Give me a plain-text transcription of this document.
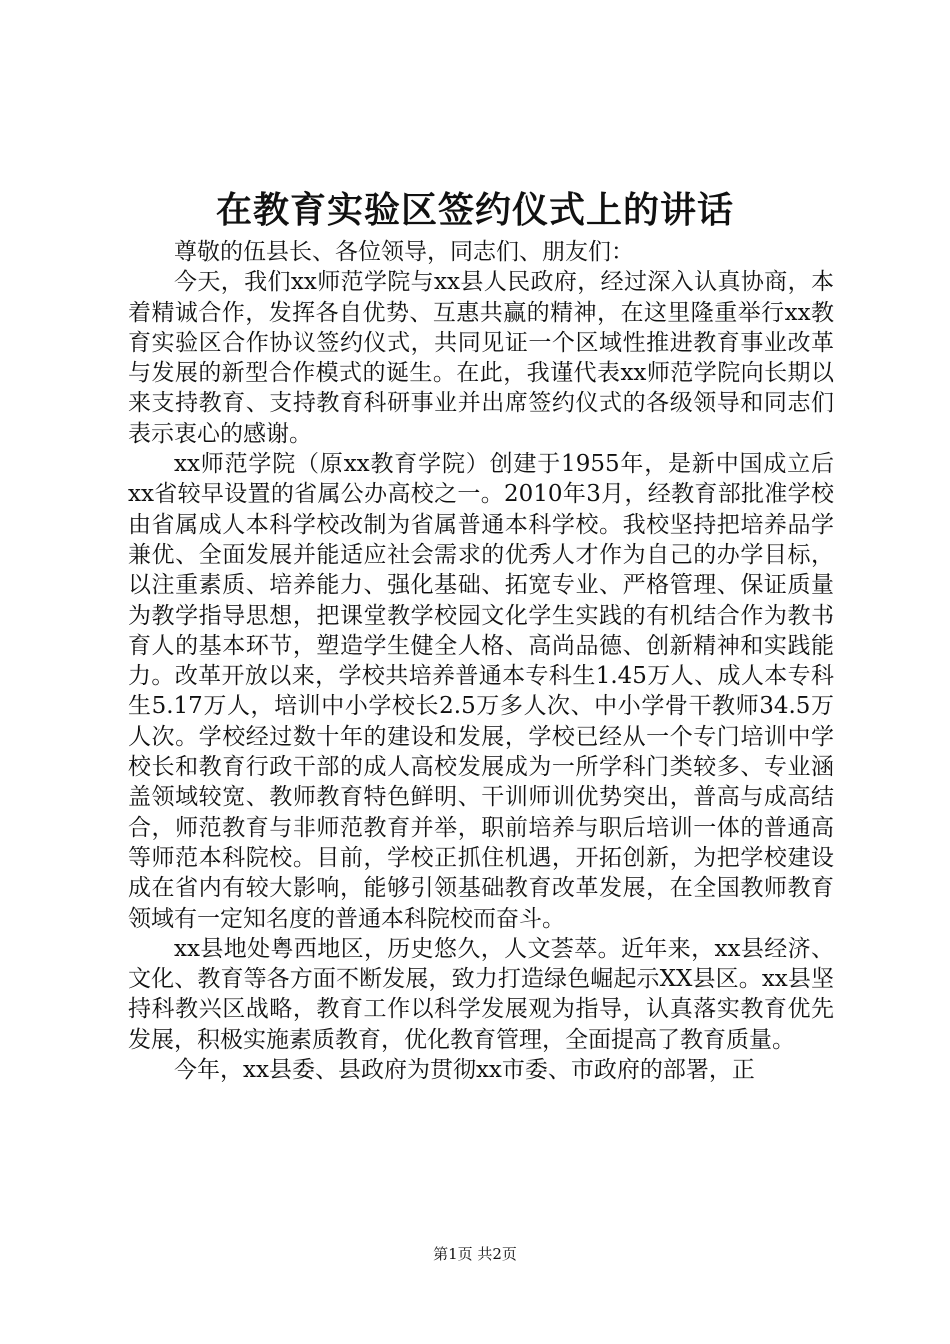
在教育实验区签约仪式上的讲话

尊敬的伍县长、各位领导，同志们、朋友们：

今天，我们xx师范学院与xx县人民政府，经过深入认真协商，本着精诚合作，发挥各自优势、互惠共赢的精神，在这里隆重举行xx教育实验区合作协议签约仪式，共同见证一个区域性推进教育事业改革与发展的新型合作模式的诞生。在此，我谨代表xx师范学院向长期以来支持教育、支持教育科研事业并出席签约仪式的各级领导和同志们表示衷心的感谢。

xx师范学院（原xx教育学院）创建于1955年，是新中国成立后xx省较早设置的省属公办高校之一。2010年3月，经教育部批准学校由省属成人本科学校改制为省属普通本科学校。我校坚持把培养品学兼优、全面发展并能适应社会需求的优秀人才作为自己的办学目标，以注重素质、培养能力、强化基础、拓宽专业、严格管理、保证质量为教学指导思想，把课堂教学校园文化学生实践的有机结合作为教书育人的基本环节，塑造学生健全人格、高尚品德、创新精神和实践能力。改革开放以来，学校共培养普通本专科生1.45万人、成人本专科生5.17万人，培训中小学校长2.5万多人次、中小学骨干教师34.5万人次。学校经过数十年的建设和发展，学校已经从一个专门培训中学校长和教育行政干部的成人高校发展成为一所学科门类较多、专业涵盖领域较宽、教师教育特色鲜明、干训师训优势突出，普高与成高结合，师范教育与非师范教育并举，职前培养与职后培训一体的普通高等师范本科院校。目前，学校正抓住机遇，开拓创新，为把学校建设成在省内有较大影响，能够引领基础教育改革发展，在全国教师教育领域有一定知名度的普通本科院校而奋斗。

xx县地处粤西地区，历史悠久，人文荟萃。近年来，xx县经济、文化、教育等各方面不断发展，致力打造绿色崛起示XX县区。xx县坚持科教兴区战略，教育工作以科学发展观为指导，认真落实教育优先发展，积极实施素质教育，优化教育管理，全面提高了教育质量。

今年，xx县委、县政府为贯彻xx市委、市政府的部署，正

第1页 共2页
